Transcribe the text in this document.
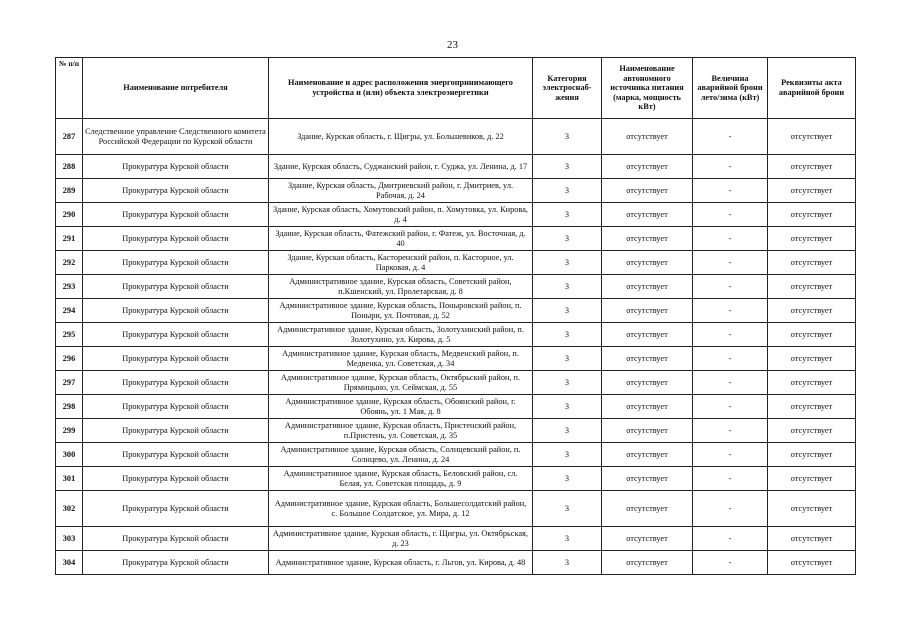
23
№ п/п	Наименование потребителя	Наименование и адрес расположения энергопринимающего устройства и (или) объекта электроэнергетики	Категория электроснаб-жения	Наименование автономного источника питания (марка, мощность кВт)	Величина аварийной брони лето/зима (кВт)	Реквизиты акта аварийной брони
287	Следственное управление Следственного комитета Российской Федерации по Курской области	Здание, Курская область, г. Щигры, ул. Большевиков, д. 22	3	отсутствует	-	отсутствует
288	Прокуратура Курской области	Здание, Курская область, Суджанский район, г. Суджа, ул. Ленина, д. 17	3	отсутствует	-	отсутствует
289	Прокуратура Курской области	Здание, Курская область, Дмитриевский район, г. Дмитриев, ул. Рабочая, д. 24	3	отсутствует	-	отсутствует
290	Прокуратура Курской области	Здание, Курская область, Хомутовский район, п. Хомутовка, ул. Кирова, д. 4	3	отсутствует	-	отсутствует
291	Прокуратура Курской области	Здание, Курская область, Фатежский район, г. Фатеж, ул. Восточная, д. 40	3	отсутствует	-	отсутствует
292	Прокуратура Курской области	Здание, Курская область, Касторенский район, п. Касторное, ул. Парковая, д. 4	3	отсутствует	-	отсутствует
293	Прокуратура Курской области	Административное здание, Курская область, Советский район, п.Кшенский, ул. Пролетарская, д. 8	3	отсутствует	-	отсутствует
294	Прокуратура Курской области	Административное здание, Курская область, Поныровский район, п. Поныри, ул. Почтовая, д. 52	3	отсутствует	-	отсутствует
295	Прокуратура Курской области	Административное здание, Курская область, Золотухинский район, п. Золотухино, ул. Кирова, д. 5	3	отсутствует	-	отсутствует
296	Прокуратура Курской области	Административное здание, Курская область, Медвенский район, п. Медвенка, ул. Советская, д. 34	3	отсутствует	-	отсутствует
297	Прокуратура Курской области	Административное здание, Курская область, Октябрьский район, п. Прямицыно, ул. Сеймская, д. 55	3	отсутствует	-	отсутствует
298	Прокуратура Курской области	Административное здание, Курская область, Обоянский район, г. Обоянь, ул. 1 Мая, д. 8	3	отсутствует	-	отсутствует
299	Прокуратура Курской области	Административное здание, Курская область, Пристенский район, п.Пристень, ул. Советская, д. 35	3	отсутствует	-	отсутствует
300	Прокуратура Курской области	Административное здание, Курская область, Солнцевский район, п. Солнцево, ул. Ленина, д. 24	3	отсутствует	-	отсутствует
301	Прокуратура Курской области	Административное здание, Курская область, Беловский район, сл. Белая, ул. Советская площадь, д. 9	3	отсутствует	-	отсутствует
302	Прокуратура Курской области	Административное здание, Курская область, Большесолдатский район, с. Большое Солдатское, ул. Мира, д. 12	3	отсутствует	-	отсутствует
303	Прокуратура Курской области	Административное здание, Курская область, г. Щигры, ул. Октябрьская, д. 23	3	отсутствует	-	отсутствует
304	Прокуратура Курской области	Административное здание, Курская область, г. Льгов, ул. Кирова, д. 48	3	отсутствует	-	отсутствует
